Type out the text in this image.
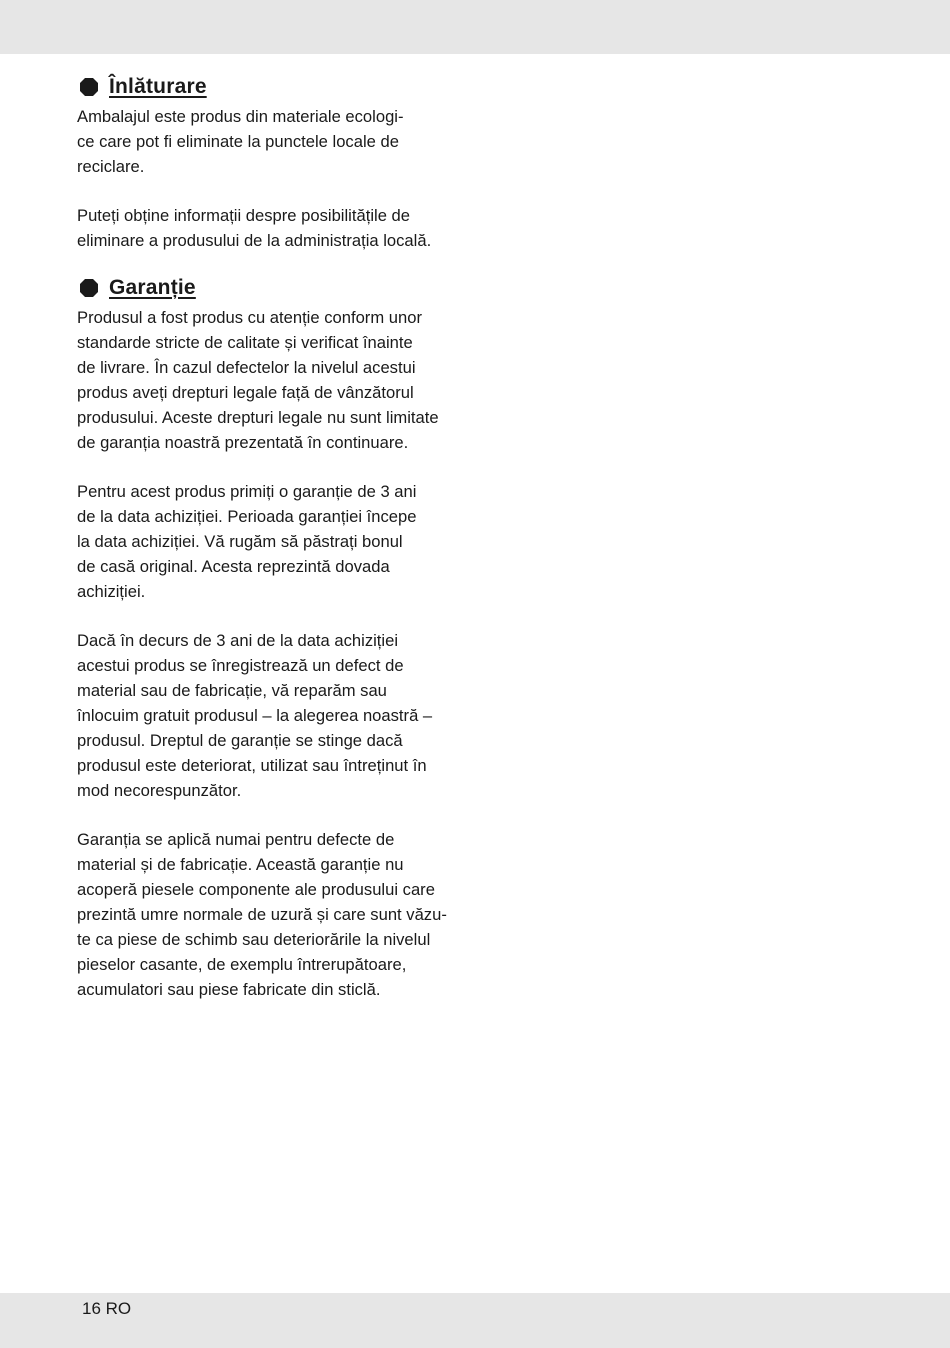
Înlăturare

Ambalajul este produs din materiale ecologi-
ce care pot fi eliminate la punctele locale de
reciclare.

Puteți obține informații despre posibilitățile de
eliminare a produsului de la administrația locală.

Garanție

Produsul a fost produs cu atenție conform unor
standarde stricte de calitate și verificat înainte
de livrare. În cazul defectelor la nivelul acestui
produs aveți drepturi legale față de vânzătorul
produsului. Aceste drepturi legale nu sunt limitate
de garanția noastră prezentată în continuare.

Pentru acest produs primiți o garanție de 3 ani
de la data achiziției. Perioada garanției începe
la data achiziției. Vă rugăm să păstrați bonul
de casă original. Acesta reprezintă dovada
achiziției.

Dacă în decurs de 3 ani de la data achiziției
acestui produs se înregistrează un defect de
material sau de fabricație, vă reparăm sau
înlocuim gratuit produsul – la alegerea noastră –
produsul. Dreptul de garanție se stinge dacă
produsul este deteriorat, utilizat sau întreținut în
mod necorespunzător.

Garanția se aplică numai pentru defecte de
material și de fabricație. Această garanție nu
acoperă piesele componente ale produsului care
prezintă umre normale de uzură și care sunt văzu-
te ca piese de schimb sau deteriorările la nivelul
pieselor casante, de exemplu întrerupătoare,
acumulatori sau piese fabricate din sticlă.

16 RO
